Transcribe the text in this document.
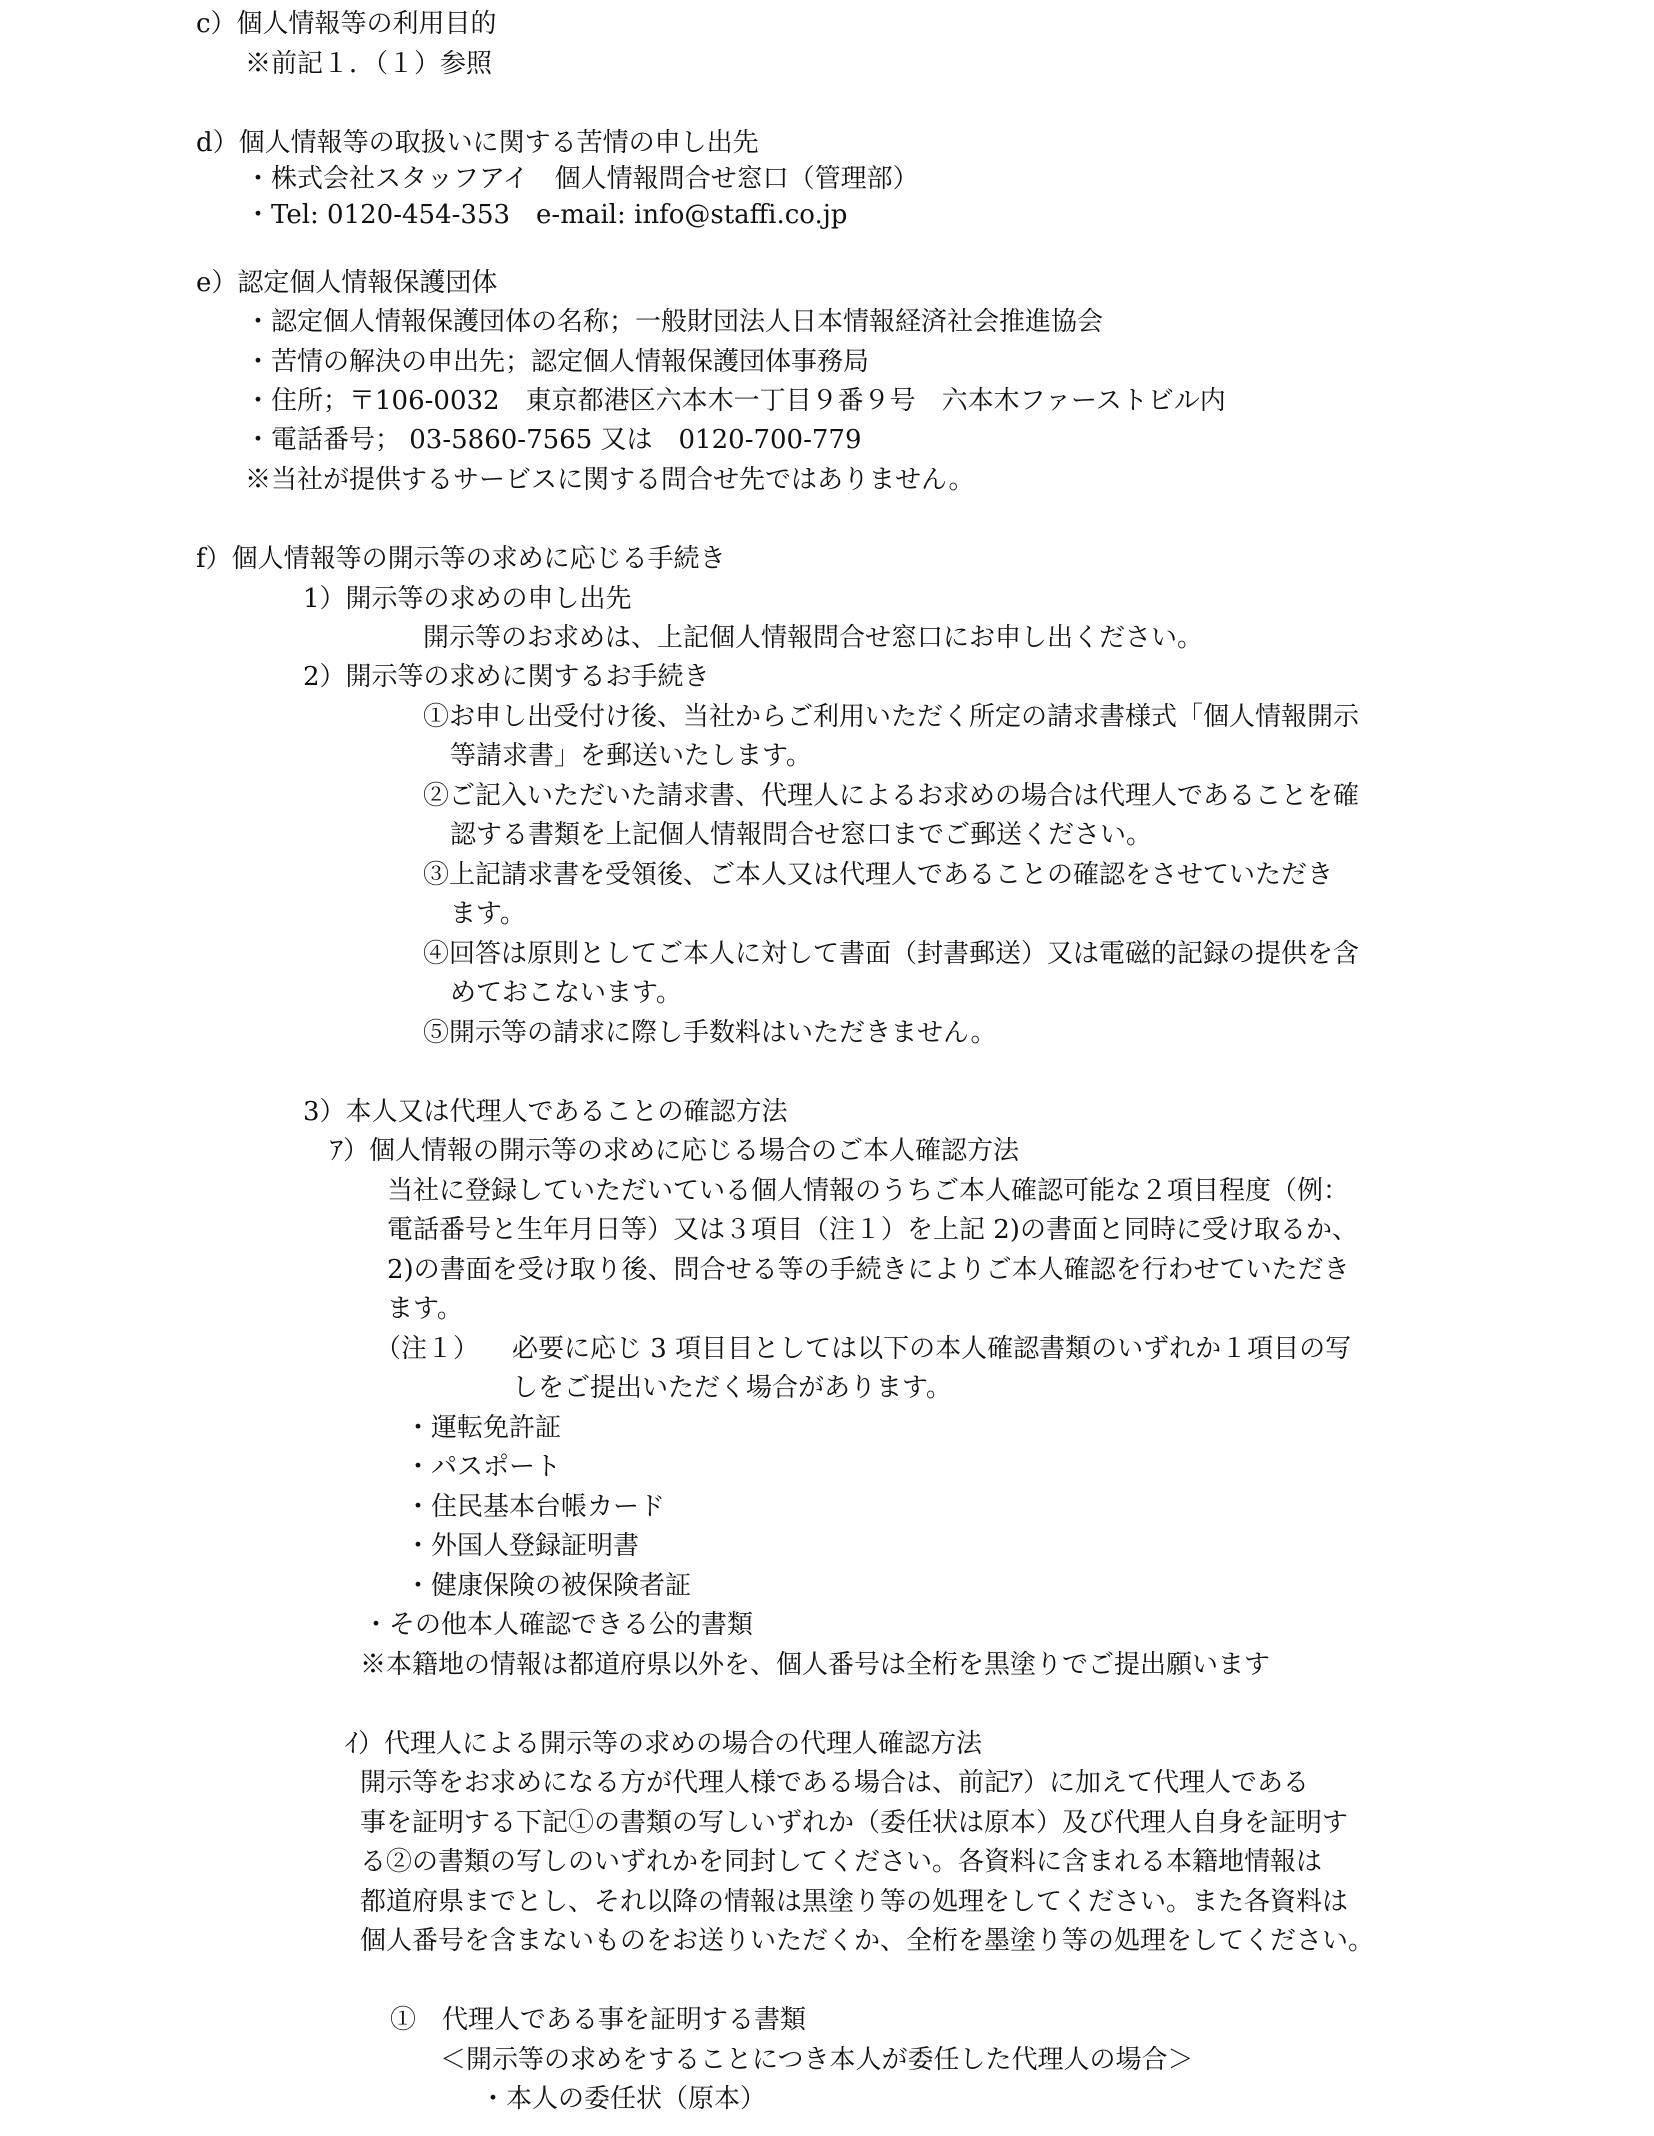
c）個人情報等の利用目的
※前記１．（１）参照
d）個人情報等の取扱いに関する苦情の申し出先
・株式会社スタッフアイ　個人情報問合せ窓口（管理部）
・Tel: 0120-454-353　e-mail: info@staffi.co.jp
e）認定個人情報保護団体
・認定個人情報保護団体の名称；一般財団法人日本情報経済社会推進協会
・苦情の解決の申出先；認定個人情報保護団体事務局
・住所；〒106-0032　東京都港区六本木一丁目９番９号　六本木ファーストビル内
・電話番号； 03-5860-7565 又は　0120-700-779
※当社が提供するサービスに関する問合せ先ではありません。
f）個人情報等の開示等の求めに応じる手続き
1）開示等の求めの申し出先
開示等のお求めは、上記個人情報問合せ窓口にお申し出ください。
2）開示等の求めに関するお手続き
①お申し出受付け後、当社からご利用いただく所定の請求書様式「個人情報開示
等請求書」を郵送いたします。
②ご記入いただいた請求書、代理人によるお求めの場合は代理人であることを確
認する書類を上記個人情報問合せ窓口までご郵送ください。
③上記請求書を受領後、ご本人又は代理人であることの確認をさせていただき
ます。
④回答は原則としてご本人に対して書面（封書郵送）又は電磁的記録の提供を含
めておこないます。
⑤開示等の請求に際し手数料はいただきません。
3）本人又は代理人であることの確認方法
ｱ）個人情報の開示等の求めに応じる場合のご本人確認方法
当社に登録していただいている個人情報のうちご本人確認可能な２項目程度（例：
電話番号と生年月日等）又は３項目（注１）を上記 2)の書面と同時に受け取るか、
2)の書面を受け取り後、問合せる等の手続きによりご本人確認を行わせていただき
ます。
（注１） 必要に応じ 3 項目目としては以下の本人確認書類のいずれか１項目の写
しをご提出いただく場合があります。
・運転免許証
・パスポート
・住民基本台帳カード
・外国人登録証明書
・健康保険の被保険者証
・その他本人確認できる公的書類
※本籍地の情報は都道府県以外を、個人番号は全桁を黒塗りでご提出願います
ｲ）代理人による開示等の求めの場合の代理人確認方法
開示等をお求めになる方が代理人様である場合は、前記ｱ）に加えて代理人である
事を証明する下記①の書類の写しいずれか（委任状は原本）及び代理人自身を証明す
る②の書類の写しのいずれかを同封してください。各資料に含まれる本籍地情報は
都道府県までとし、それ以降の情報は黒塗り等の処理をしてください。また各資料は
個人番号を含まないものをお送りいただくか、全桁を墨塗り等の処理をしてください。
①　代理人である事を証明する書類
＜開示等の求めをすることにつき本人が委任した代理人の場合＞
・本人の委任状（原本）
